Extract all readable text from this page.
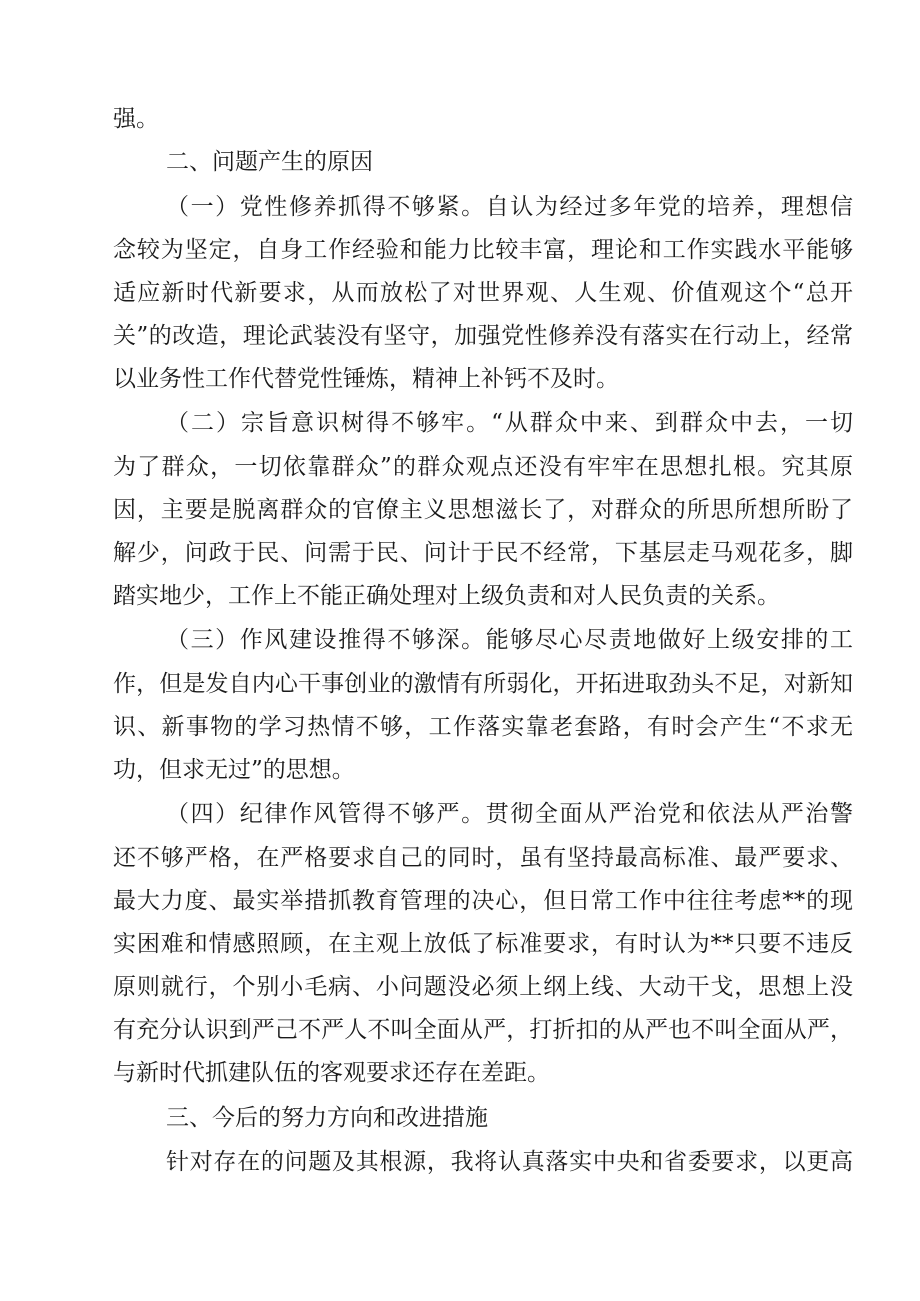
强。
二、问题产生的原因
（一）党性修养抓得不够紧。自认为经过多年党的培养，理想信
念较为坚定，自身工作经验和能力比较丰富，理论和工作实践水平能够
适应新时代新要求，从而放松了对世界观、人生观、价值观这个“总开
关”的改造，理论武装没有坚守，加强党性修养没有落实在行动上，经常
以业务性工作代替党性锤炼，精神上补钙不及时。
（二）宗旨意识树得不够牢。“从群众中来、到群众中去，一切
为了群众，一切依靠群众”的群众观点还没有牢牢在思想扎根。究其原
因，主要是脱离群众的官僚主义思想滋长了，对群众的所思所想所盼了
解少，问政于民、问需于民、问计于民不经常，下基层走马观花多，脚
踏实地少，工作上不能正确处理对上级负责和对人民负责的关系。
（三）作风建设推得不够深。能够尽心尽责地做好上级安排的工
作，但是发自内心干事创业的激情有所弱化，开拓进取劲头不足，对新知
识、新事物的学习热情不够，工作落实靠老套路，有时会产生“不求无
功，但求无过”的思想。
（四）纪律作风管得不够严。贯彻全面从严治党和依法从严治警
还不够严格，在严格要求自己的同时，虽有坚持最高标准、最严要求、
最大力度、最实举措抓教育管理的决心，但日常工作中往往考虑**的现
实困难和情感照顾，在主观上放低了标准要求，有时认为**只要不违反
原则就行，个别小毛病、小问题没必须上纲上线、大动干戈，思想上没
有充分认识到严己不严人不叫全面从严，打折扣的从严也不叫全面从严，
与新时代抓建队伍的客观要求还存在差距。
三、今后的努力方向和改进措施
针对存在的问题及其根源，我将认真落实中央和省委要求，以更高
